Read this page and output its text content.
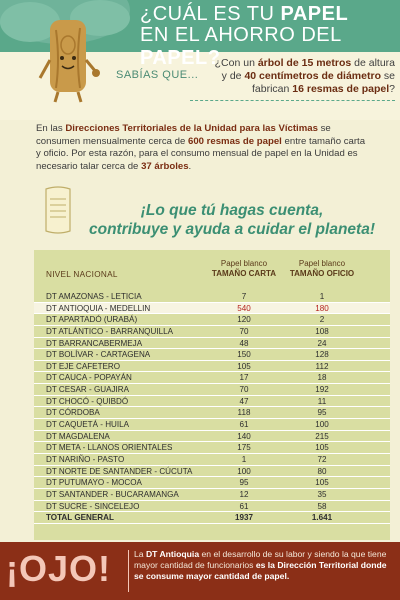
¿CUÁL ES TU PAPEL
EN EL AHORRO DEL PAPEL?
SABÍAS QUE...
¿Con un árbol de 15 metros de altura y de 40 centímetros de diámetro se fabrican 16 resmas de papel?
En las Direcciones Territoriales de la Unidad para las Víctimas se consumen mensualmente cerca de 600 resmas de papel entre tamaño carta y oficio. Por esta razón, para el consumo mensual de papel en la Unidad es necesario talar cerca de 37 árboles.
¡Lo que tú hagas cuenta,
contribuye y ayuda a cuidar el planeta!
NIVEL NACIONAL
Papel blanco
TAMAÑO CARTA
Papel blanco
TAMAÑO OFICIO
DT AMAZONAS - LETICIA	7	1
DT ANTIOQUIA - MEDELLIN	540	180
DT APARTADÓ (URABÁ)	120	2
DT ATLÁNTICO - BARRANQUILLA	70	108
DT BARRANCABERMEJA	48	24
DT BOLÍVAR - CARTAGENA	150	128
DT EJE CAFETERO	105	112
DT CAUCA - POPAYÁN	17	18
DT CESAR - GUAJIRA	70	192
DT CHOCÓ - QUIBDÓ	47	11
DT CÓRDOBA	118	95
DT CAQUETÁ - HUILA	61	100
DT MAGDALENA	140	215
DT META - LLANOS ORIENTALES	175	105
DT NARIÑO - PASTO	1	72
DT NORTE DE SANTANDER - CÚCUTA	100	80
DT PUTUMAYO - MOCOA	95	105
DT SANTANDER - BUCARAMANGA	12	35
DT SUCRE - SINCELEJO	61	58
TOTAL GENERAL	1937	1.641
¡OJO!	La DT Antioquia en el desarrollo de su labor y siendo la que tiene mayor cantidad de funcionarios es la Dirección Territorial donde se consume mayor cantidad de papel.
